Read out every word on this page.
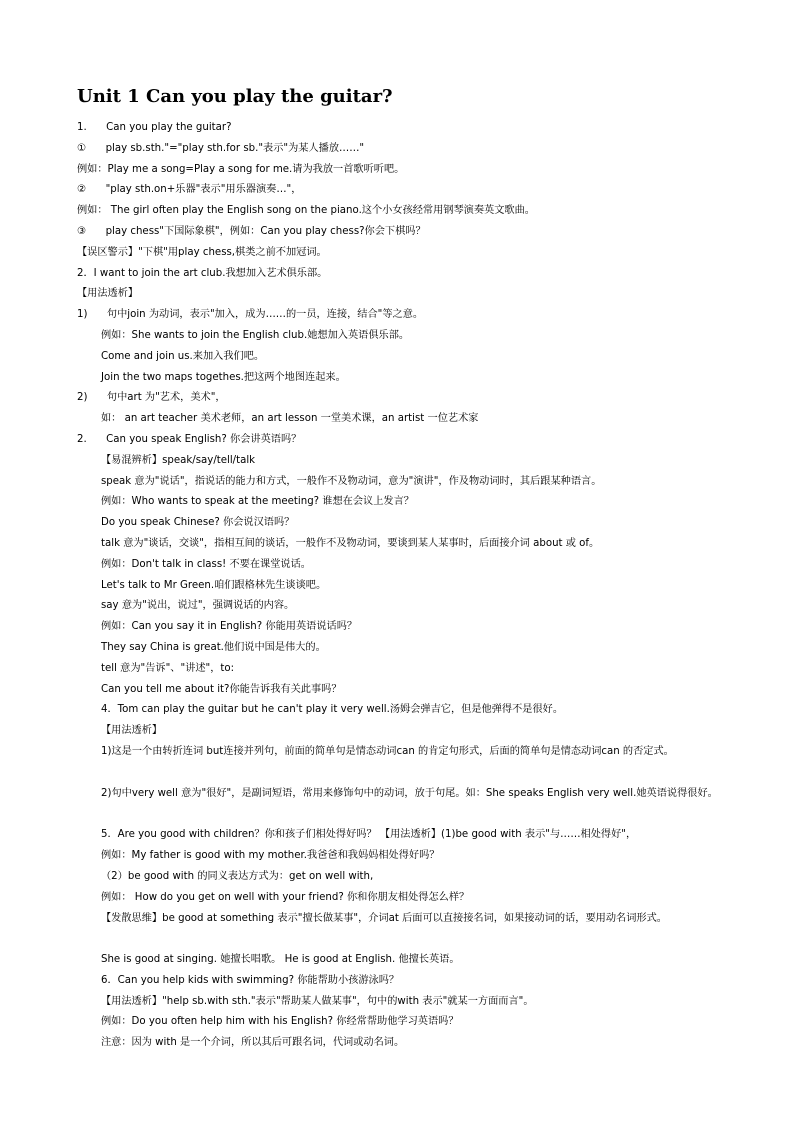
Unit 1 Can you play the guitar?
1.      Can you play the guitar?
①      play sb.sth."="play sth.for sb."表示"为某人播放……"
例如：Play me a song=Play a song for me.请为我放一首歌听听吧。
②      "play sth.on+乐器"表示"用乐器演奏…"，
例如： The girl often play the English song on the piano.这个小女孩经常用钢琴演奏英文歌曲。
③      play chess"下国际象棋"，例如：Can you play chess?你会下棋吗？
【误区警示】"下棋"用play chess,棋类之前不加冠词。
2．I want to join the art club.我想加入艺术俱乐部。
【用法透析】
1)      句中join 为动词，表示"加入，成为……的一员，连接，结合"等之意。
例如：She wants to join the English club.她想加入英语俱乐部。
Come and join us.来加入我们吧。
Join the two maps togethes.把这两个地图连起来。
2)      句中art 为"艺术，美术"，
如： an art teacher 美术老师，an art lesson 一堂美术课，an artist 一位艺术家
2.      Can you speak English? 你会讲英语吗？
【易混辨析】speak/say/tell/talk
speak 意为"说话"，指说话的能力和方式，一般作不及物动词，意为"演讲"，作及物动词时，其后跟某种语言。
例如：Who wants to speak at the meeting? 谁想在会议上发言？
Do you speak Chinese? 你会说汉语吗？
talk 意为"谈话，交谈"，指相互间的谈话，一般作不及物动词，要谈到某人某事时，后面接介词 about 或 of。
例如：Don't talk in class! 不要在课堂说话。
Let's talk to Mr Green.咱们跟格林先生谈谈吧。
say 意为"说出，说过"，强调说话的内容。
例如：Can you say it in English? 你能用英语说话吗？
They say China is great.他们说中国是伟大的。
tell 意为"告诉"、"讲述"，to:
Can you tell me about it?你能告诉我有关此事吗？
4．Tom can play the guitar but he can't play it very well.汤姆会弹吉它，但是他弹得不是很好。
【用法透析】
1)这是一个由转折连词 but连接并列句，前面的简单句是情态动词can 的肯定句形式，后面的简单句是情态动词can 的否定式。
2)句中very well 意为"很好"，是副词短语，常用来修饰句中的动词，放于句尾。如：She speaks English very well.她英语说得很好。
5．Are you good with children？你和孩子们相处得好吗？ 【用法透析】(1)be good with 表示"与……相处得好"，
例如：My father is good with my mother.我爸爸和我妈妈相处得好吗？
（2）be good with 的同义表达方式为：get on well with,
例如： How do you get on well with your friend? 你和你朋友相处得怎么样？
【发散思维】be good at something 表示"擅长做某事"，介词at 后面可以直接接名词，如果接动词的话，要用动名词形式。
She is good at singing. 她擅长唱歌。 He is good at English. 他擅长英语。
6．Can you help kids with swimming? 你能帮助小孩游泳吗？
【用法透析】"help sb.with sth."表示"帮助某人做某事"，句中的with 表示"就某一方面而言"。
例如：Do you often help him with his English? 你经常帮助他学习英语吗？
注意：因为 with 是一个介词，所以其后可跟名词，代词或动名词。
